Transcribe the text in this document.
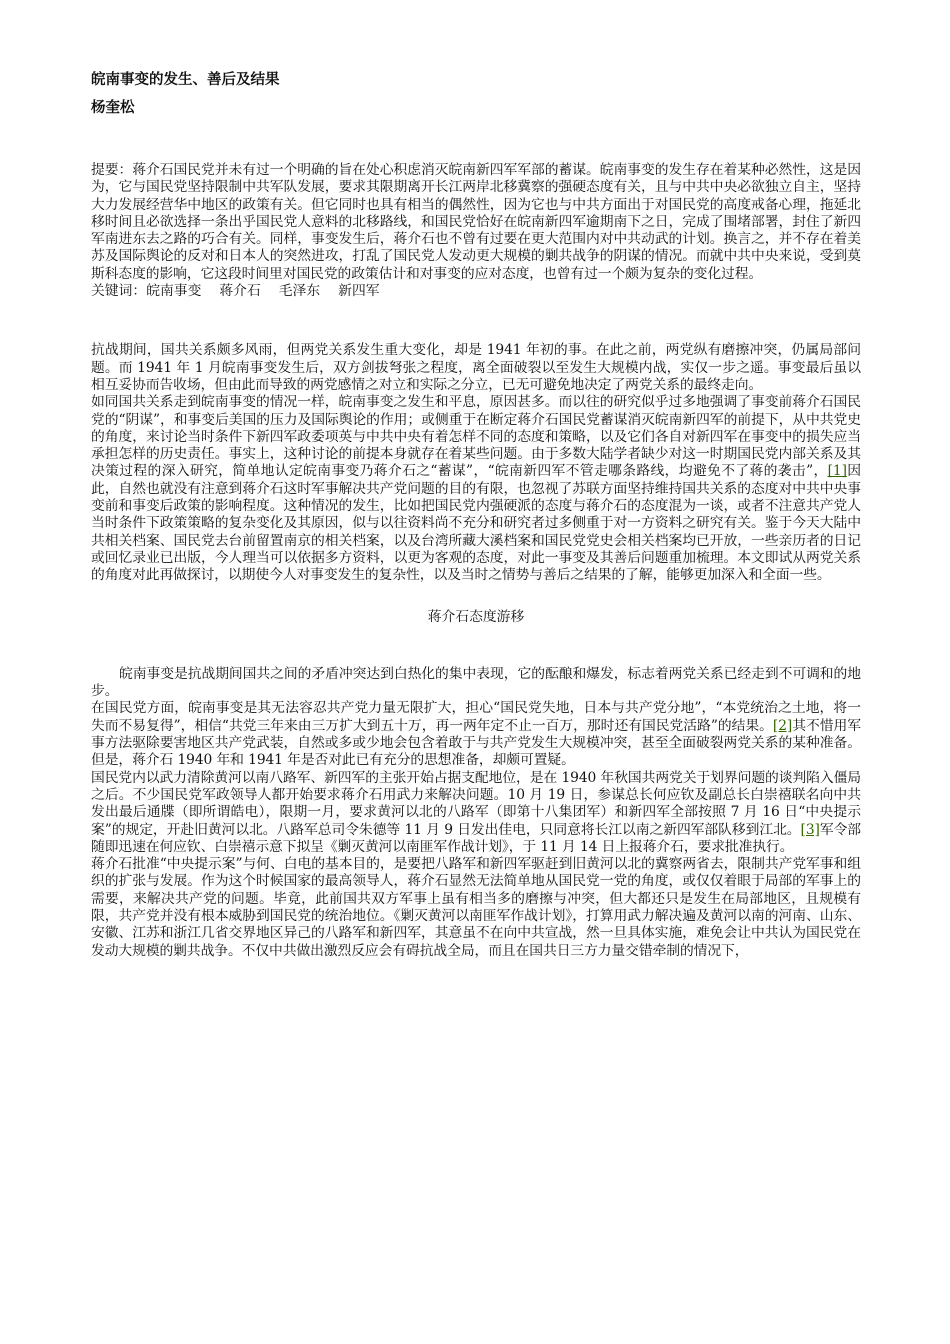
皖南事变的发生、善后及结果
杨奎松

提要：蒋介石国民党并未有过一个明确的旨在处心积虑消灭皖南新四军军部的蓄谋。皖南事变的发生存在着某种必然性，这是因为，它与国民党坚持限制中共军队发展，要求其限期离开长江两岸北移冀察的强硬态度有关，且与中共中央必欲独立自主，坚持大力发展经营华中地区的政策有关。但它同时也具有相当的偶然性，因为它也与中共方面出于对国民党的高度戒备心理，拖延北移时间且必欲选择一条出乎国民党人意料的北移路线，和国民党恰好在皖南新四军逾期南下之日，完成了围堵部署，封住了新四军南进东去之路的巧合有关。同样，事变发生后，蒋介石也不曾有过要在更大范围内对中共动武的计划。换言之，并不存在着美苏及国际舆论的反对和日本人的突然进攻，打乱了国民党人发动更大规模的剿共战争的阴谋的情况。而就中共中央来说，受到莫斯科态度的影响，它这段时间里对国民党的政策估计和对事变的应对态度，也曾有过一个颇为复杂的变化过程。

关键词：皖南事变 蒋介石 毛泽东 新四军

抗战期间，国共关系颇多风雨，但两党关系发生重大变化，却是 1941 年初的事。在此之前，两党纵有磨擦冲突，仍属局部问题。而 1941 年 1 月皖南事变发生后，双方剑拔弩张之程度，离全面破裂以至发生大规模内战，实仅一步之遥。事变最后虽以相互妥协而告收场，但由此而导致的两党感情之对立和实际之分立，已无可避免地决定了两党关系的最终走向。

如同国共关系走到皖南事变的情况一样，皖南事变之发生和平息，原因甚多。而以往的研究似乎过多地强调了事变前蒋介石国民党的“阴谋”，和事变后美国的压力及国际舆论的作用；或侧重于在断定蒋介石国民党蓄谋消灭皖南新四军的前提下，从中共党史的角度，来讨论当时条件下新四军政委项英与中共中央有着怎样不同的态度和策略，以及它们各自对新四军在事变中的损失应当承担怎样的历史责任。事实上，这种讨论的前提本身就存在着某些问题。由于多数大陆学者缺少对这一时期国民党内部关系及其决策过程的深入研究，简单地认定皖南事变乃蒋介石之“蓄谋”，“皖南新四军不管走哪条路线，均避免不了蒋的袭击”，[1]因此，自然也就没有注意到蒋介石这时军事解决共产党问题的目的有限，也忽视了苏联方面坚持维持国共关系的态度对中共中央事变前和事变后政策的影响程度。这种情况的发生，比如把国民党内强硬派的态度与蒋介石的态度混为一谈，或者不注意共产党人当时条件下政策策略的复杂变化及其原因，似与以往资料尚不充分和研究者过多侧重于对一方资料之研究有关。鉴于今天大陆中共相关档案、国民党去台前留置南京的相关档案，以及台湾所藏大溪档案和国民党党史会相关档案均已开放，一些亲历者的日记或回忆录业已出版，今人理当可以依据多方资料，以更为客观的态度，对此一事变及其善后问题重加梳理。本文即试从两党关系的角度对此再做探讨，以期使今人对事变发生的复杂性，以及当时之情势与善后之结果的了解，能够更加深入和全面一些。

蒋介石态度游移

皖南事变是抗战期间国共之间的矛盾冲突达到白热化的集中表现，它的酝酿和爆发，标志着两党关系已经走到不可调和的地步。

在国民党方面，皖南事变是其无法容忍共产党力量无限扩大，担心“国民党失地，日本与共产党分地”，“本党统治之土地，将一失而不易复得”，相信“共党三年来由三万扩大到五十万，再一两年定不止一百万，那时还有国民党活路”的结果。[2]其不惜用军事方法驱除要害地区共产党武装，自然或多或少地会包含着敢于与共产党发生大规模冲突，甚至全面破裂两党关系的某种准备。但是，蒋介石 1940 年和 1941 年是否对此已有充分的思想准备，却颇可置疑。

国民党内以武力清除黄河以南八路军、新四军的主张开始占据支配地位，是在 1940 年秋国共两党关于划界问题的谈判陷入僵局之后。不少国民党军政领导人都开始要求蒋介石用武力来解决问题。10 月 19 日，参谋总长何应钦及副总长白崇禧联名向中共发出最后通牒（即所谓皓电），限期一月，要求黄河以北的八路军（即第十八集团军）和新四军全部按照 7 月 16 日“中央提示案”的规定，开赴旧黄河以北。八路军总司令朱德等 11 月 9 日发出佳电，只同意将长江以南之新四军部队移到江北。[3]军令部随即迅速在何应钦、白崇禧示意下拟呈《剿灭黄河以南匪军作战计划》，于 11 月 14 日上报蒋介石，要求批准执行。

蒋介石批准“中央提示案”与何、白电的基本目的，是要把八路军和新四军驱赶到旧黄河以北的冀察两省去，限制共产党军事和组织的扩张与发展。作为这个时候国家的最高领导人，蒋介石显然无法简单地从国民党一党的角度，或仅仅着眼于局部的军事上的需要，来解决共产党的问题。毕竟，此前国共双方军事上虽有相当多的磨擦与冲突，但大都还只是发生在局部地区，且规模有限，共产党并没有根本威胁到国民党的统治地位。《剿灭黄河以南匪军作战计划》，打算用武力解决遍及黄河以南的河南、山东、安徽、江苏和浙江几省交界地区异己的八路军和新四军，其意虽不在向中共宣战，然一旦具体实施，难免会让中共认为国民党在发动大规模的剿共战争。不仅中共做出激烈反应会有碍抗战全局，而且在国共日三方力量交错牵制的情况下，
